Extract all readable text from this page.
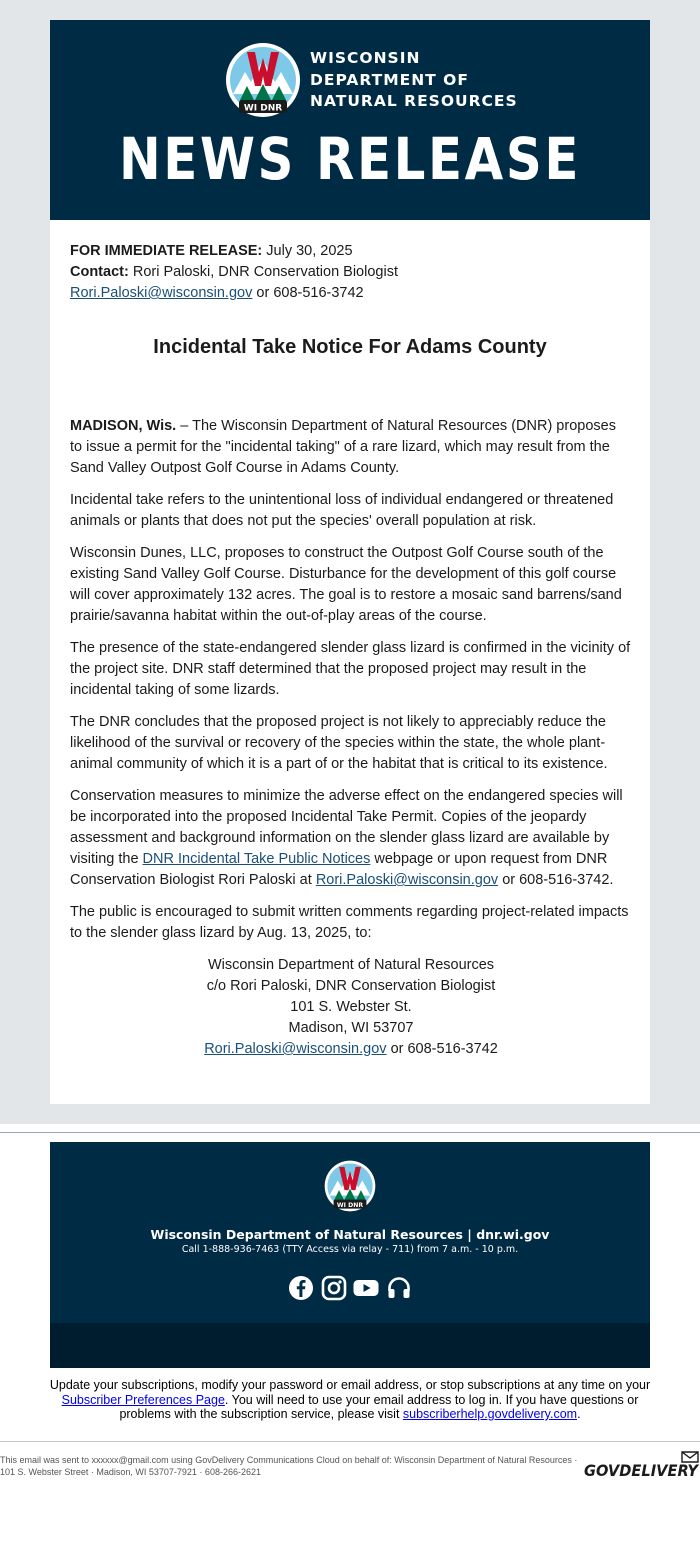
WI DNR
WISCONSIN
DEPARTMENT OF
NATURAL RESOURCES
NEWS RELEASE
FOR IMMEDIATE RELEASE: July 30, 2025
Contact: Rori Paloski, DNR Conservation Biologist
Rori.Paloski@wisconsin.gov or 608-516-3742
Incidental Take Notice For Adams County

MADISON, Wis. – The Wisconsin Department of Natural Resources (DNR) proposes to issue a permit for the "incidental taking" of a rare lizard, which may result from the Sand Valley Outpost Golf Course in Adams County.

Incidental take refers to the unintentional loss of individual endangered or threatened animals or plants that does not put the species' overall population at risk.

Wisconsin Dunes, LLC, proposes to construct the Outpost Golf Course south of the existing Sand Valley Golf Course. Disturbance for the development of this golf course will cover approximately 132 acres. The goal is to restore a mosaic sand barrens/sand prairie/savanna habitat within the out-of-play areas of the course.

The presence of the state-endangered slender glass lizard is confirmed in the vicinity of the project site. DNR staff determined that the proposed project may result in the incidental taking of some lizards.

The DNR concludes that the proposed project is not likely to appreciably reduce the likelihood of the survival or recovery of the species within the state, the whole plant-animal community of which it is a part of or the habitat that is critical to its existence.

Conservation measures to minimize the adverse effect on the endangered species will be incorporated into the proposed Incidental Take Permit. Copies of the jeopardy assessment and background information on the slender glass lizard are available by visiting the DNR Incidental Take Public Notices webpage or upon request from DNR Conservation Biologist Rori Paloski at Rori.Paloski@wisconsin.gov or 608-516-3742.

The public is encouraged to submit written comments regarding project-related impacts to the slender glass lizard by Aug. 13, 2025, to:

Wisconsin Department of Natural Resources
c/o Rori Paloski, DNR Conservation Biologist
101 S. Webster St.
Madison, WI 53707
Rori.Paloski@wisconsin.gov or 608-516-3742
WI DNR
Wisconsin Department of Natural Resources | dnr.wi.gov
Call 1-888-936-7463 (TTY Access via relay - 711) from 7 a.m. - 10 p.m.
.gov
Update your subscriptions, modify your password or email address, or stop subscriptions at any time on your Subscriber Preferences Page. You will need to use your email address to log in. If you have questions or problems with the subscription service, please visit subscriberhelp.govdelivery.com.
This email was sent to xxxxxx@gmail.com using GovDelivery Communications Cloud on behalf of: Wisconsin Department of Natural Resources · 101 S. Webster Street · Madison, WI 53707-7921 · 608-266-2621	GOVDELIVERY
